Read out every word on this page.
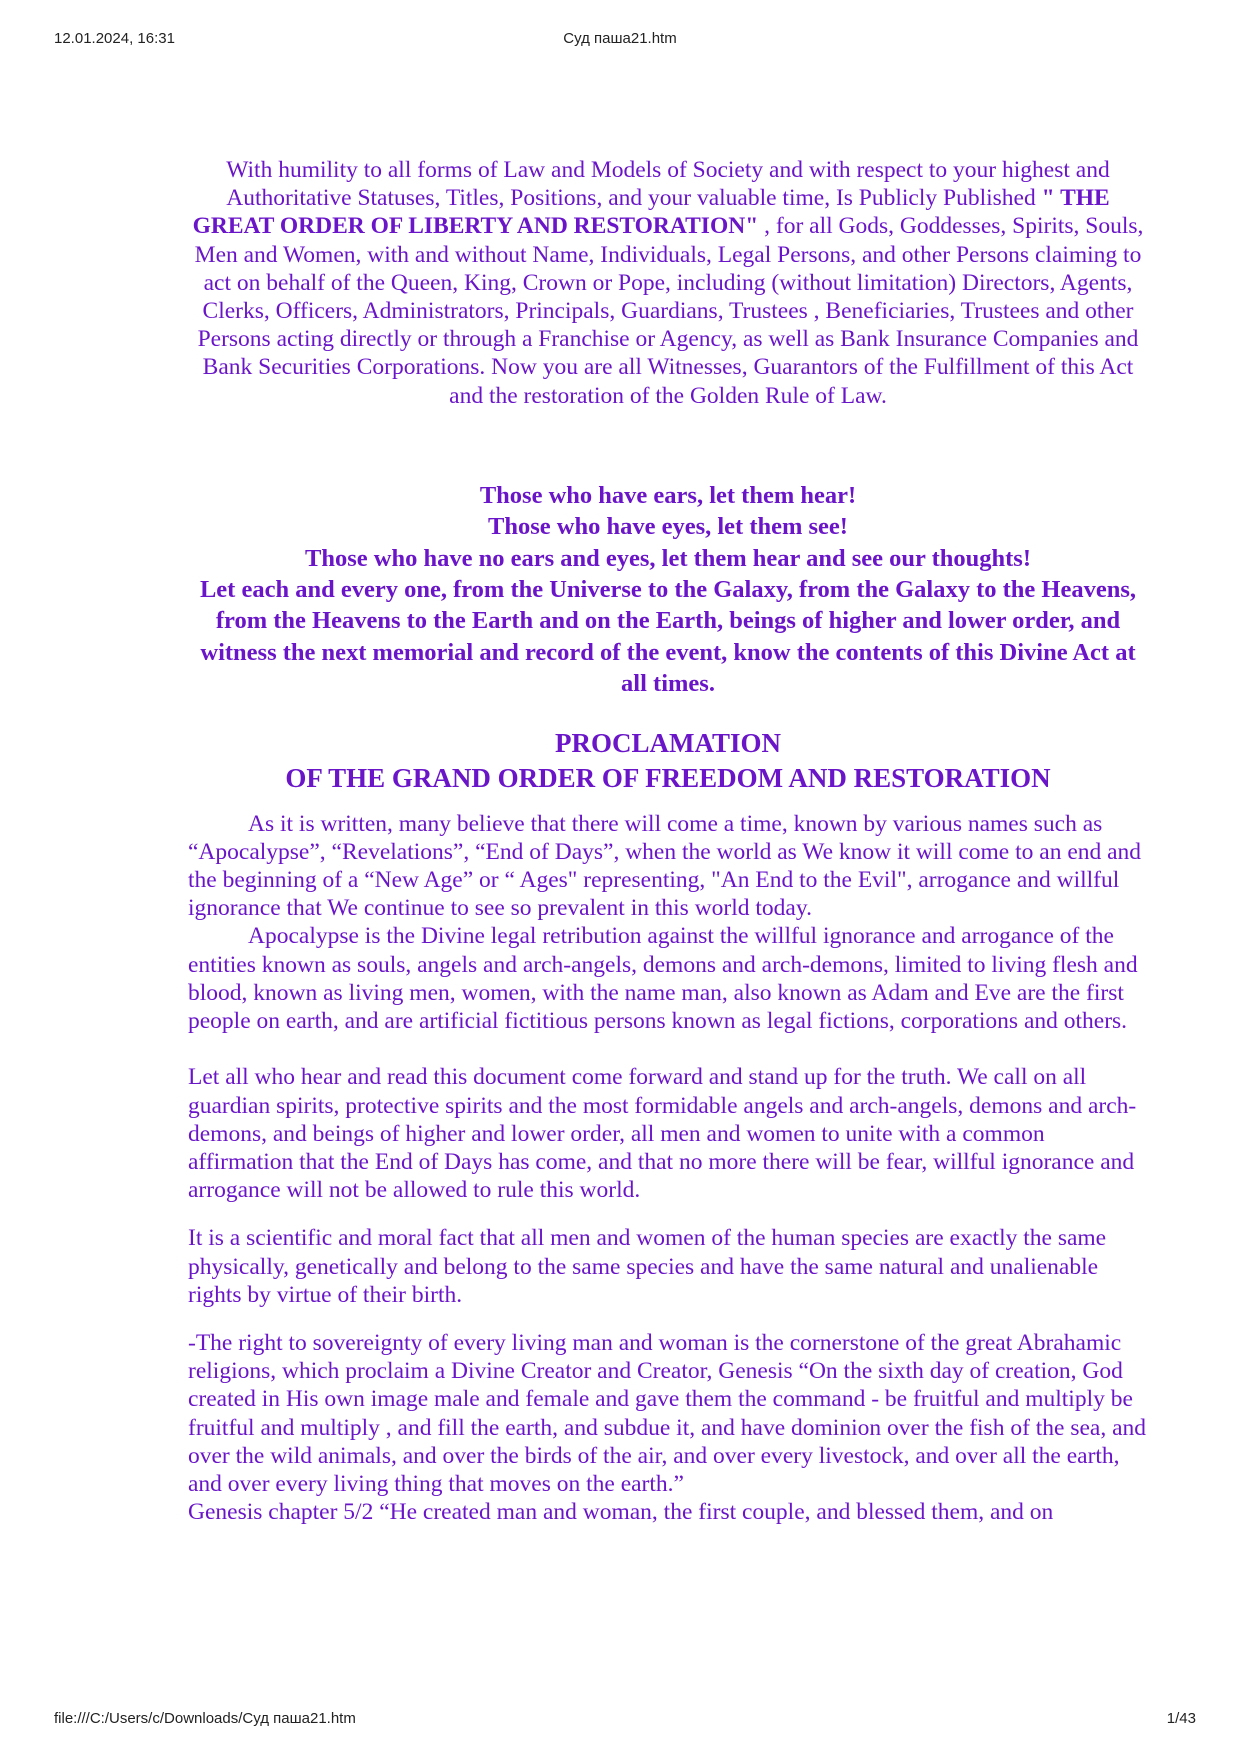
12.01.2024, 16:31	Суд паша21.htm

With humility to all forms of Law and Models of Society and with respect to your highest and Authoritative Statuses, Titles, Positions, and your valuable time, Is Publicly Published " THE GREAT ORDER OF LIBERTY AND RESTORATION" , for all Gods, Goddesses, Spirits, Souls, Men and Women, with and without Name, Individuals, Legal Persons, and other Persons claiming to act on behalf of the Queen, King, Crown or Pope, including (without limitation) Directors, Agents, Clerks, Officers, Administrators, Principals, Guardians, Trustees , Beneficiaries, Trustees and other Persons acting directly or through a Franchise or Agency, as well as Bank Insurance Companies and Bank Securities Corporations. Now you are all Witnesses, Guarantors of the Fulfillment of this Act and the restoration of the Golden Rule of Law.

Those who have ears, let them hear!
Those who have eyes, let them see!
Those who have no ears and eyes, let them hear and see our thoughts!
Let each and every one, from the Universe to the Galaxy, from the Galaxy to the Heavens, from the Heavens to the Earth and on the Earth, beings of higher and lower order, and witness the next memorial and record of the event, know the contents of this Divine Act at all times.
PROCLAMATION
OF THE GRAND ORDER OF FREEDOM AND RESTORATION

As it is written, many believe that there will come a time, known by various names such as “Apocalypse”, “Revelations”, “End of Days”, when the world as We know it will come to an end and the beginning of a “New Age” or “ Ages" representing, "An End to the Evil", arrogance and willful ignorance that We continue to see so prevalent in this world today.

Apocalypse is the Divine legal retribution against the willful ignorance and arrogance of the entities known as souls, angels and arch-angels, demons and arch-demons, limited to living flesh and blood, known as living men, women, with the name man, also known as Adam and Eve are the first people on earth, and are artificial fictitious persons known as legal fictions, corporations and others.

Let all who hear and read this document come forward and stand up for the truth. We call on all guardian spirits, protective spirits and the most formidable angels and arch-angels, demons and arch-demons, and beings of higher and lower order, all men and women to unite with a common affirmation that the End of Days has come, and that no more there will be fear, willful ignorance and arrogance will not be allowed to rule this world.

It is a scientific and moral fact that all men and women of the human species are exactly the same physically, genetically and belong to the same species and have the same natural and unalienable rights by virtue of their birth.

-The right to sovereignty of every living man and woman is the cornerstone of the great Abrahamic religions, which proclaim a Divine Creator and Creator, Genesis “On the sixth day of creation, God created in His own image male and female and gave them the command - be fruitful and multiply be fruitful and multiply , and fill the earth, and subdue it, and have dominion over the fish of the sea, and over the wild animals, and over the birds of the air, and over every livestock, and over all the earth, and over every living thing that moves on the earth.”

Genesis chapter 5/2 “He created man and woman, the first couple, and blessed them, and on

file:///C:/Users/c/Downloads/Суд паша21.htm	1/43
